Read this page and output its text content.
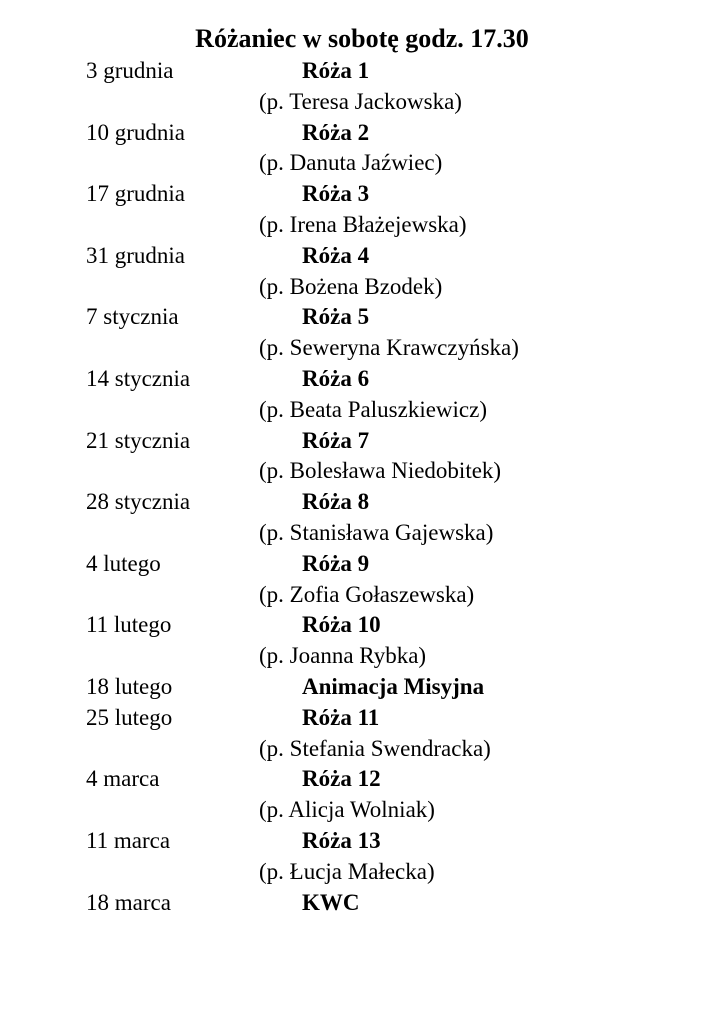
Różaniec w sobotę godz. 17.30
3 grudnia	Róża 1
(p. Teresa Jackowska)
10 grudnia	Róża 2
(p. Danuta Jaźwiec)
17 grudnia	Róża 3
(p. Irena Błażejewska)
31 grudnia	Róża 4
(p. Bożena Bzodek)
7 stycznia	Róża 5
(p. Seweryna Krawczyńska)
14 stycznia	Róża 6
(p. Beata Paluszkiewicz)
21 stycznia	Róża 7
(p. Bolesława Niedobitek)
28 stycznia	Róża 8
(p. Stanisława Gajewska)
4 lutego	Róża 9
(p. Zofia Gołaszewska)
11 lutego	Róża 10
(p. Joanna Rybka)
18 lutego	Animacja Misyjna
25 lutego	Róża 11
(p. Stefania Swendracka)
4 marca	Róża 12
(p. Alicja Wolniak)
11 marca	Róża 13
(p. Łucja Małecka)
18 marca	KWC
